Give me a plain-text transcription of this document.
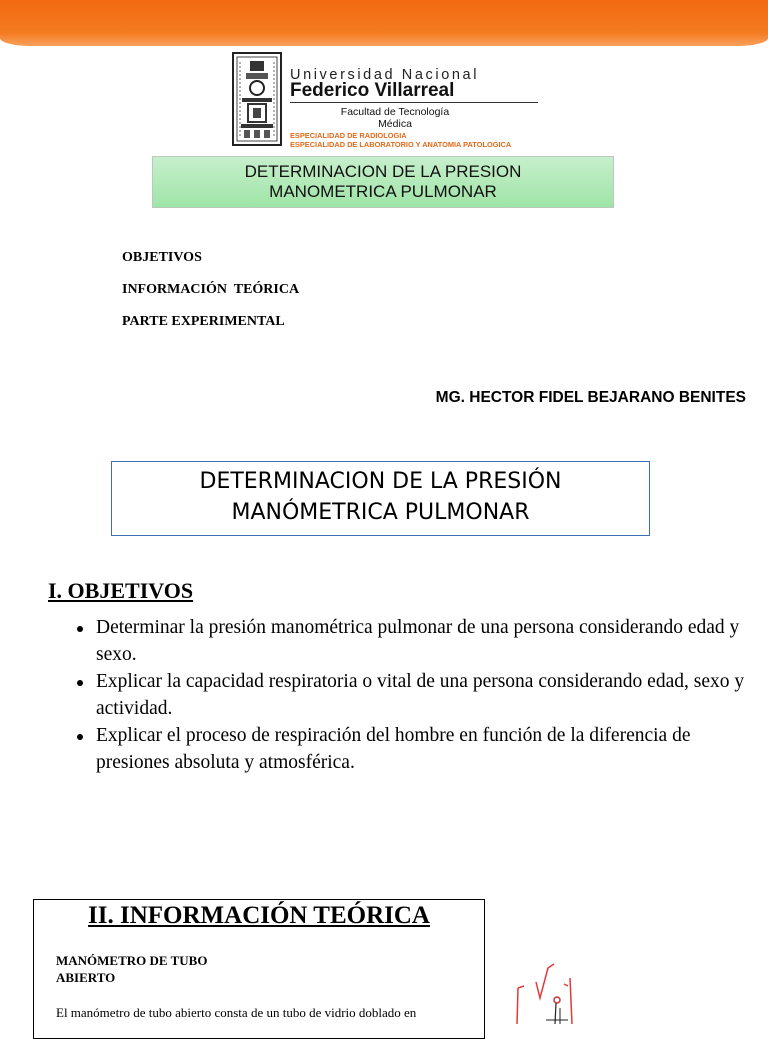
Universidad Nacional
Federico Villarreal
Facultad de Tecnología
Médica
ESPECIALIDAD DE RADIOLOGIA
ESPECIALIDAD DE LABORATORIO Y ANATOMIA PATOLOGICA
DETERMINACION DE LA PRESION
MANOMETRICA PULMONAR
OBJETIVOS
INFORMACIÓN  TEÓRICA
PARTE EXPERIMENTAL
MG. HECTOR FIDEL BEJARANO BENITES
DETERMINACION DE LA PRESIÓN
MANÓMETRICA PULMONAR
I. OBJETIVOS
Determinar la presión manométrica pulmonar de una persona considerando edad y sexo.
Explicar la capacidad respiratoria o vital de una persona considerando edad, sexo y actividad.
Explicar el proceso de respiración del hombre en función de la diferencia de presiones absoluta y atmosférica.
II. INFORMACIÓN TEÓRICA
MANÓMETRO DE TUBO
ABIERTO
El manómetro de tubo abierto consta de un tubo de vidrio doblado en
